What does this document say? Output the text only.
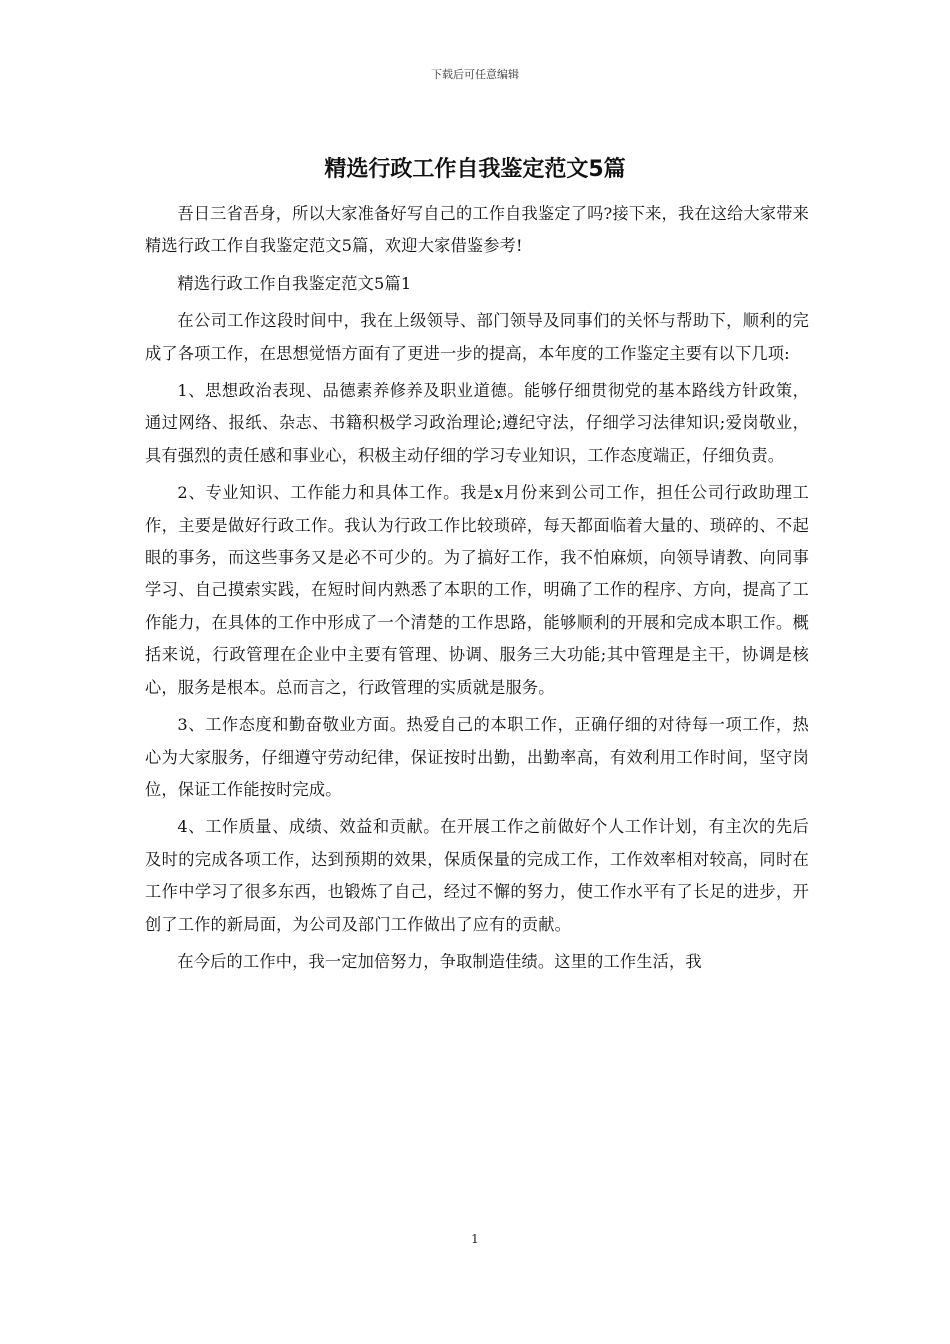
下载后可任意编辑
精选行政工作自我鉴定范文5篇

吾日三省吾身，所以大家准备好写自己的工作自我鉴定了吗?接下来，我在这给大家带来精选行政工作自我鉴定范文5篇，欢迎大家借鉴参考!

精选行政工作自我鉴定范文5篇1

在公司工作这段时间中，我在上级领导、部门领导及同事们的关怀与帮助下，顺利的完成了各项工作，在思想觉悟方面有了更进一步的提高，本年度的工作鉴定主要有以下几项:

1、思想政治表现、品德素养修养及职业道德。能够仔细贯彻党的基本路线方针政策，通过网络、报纸、杂志、书籍积极学习政治理论;遵纪守法，仔细学习法律知识;爱岗敬业，具有强烈的责任感和事业心，积极主动仔细的学习专业知识，工作态度端正，仔细负责。

2、专业知识、工作能力和具体工作。我是x月份来到公司工作，担任公司行政助理工作，主要是做好行政工作。我认为行政工作比较琐碎，每天都面临着大量的、琐碎的、不起眼的事务，而这些事务又是必不可少的。为了搞好工作，我不怕麻烦，向领导请教、向同事学习、自己摸索实践，在短时间内熟悉了本职的工作，明确了工作的程序、方向，提高了工作能力，在具体的工作中形成了一个清楚的工作思路，能够顺利的开展和完成本职工作。概括来说，行政管理在企业中主要有管理、协调、服务三大功能;其中管理是主干，协调是核心，服务是根本。总而言之，行政管理的实质就是服务。

3、工作态度和勤奋敬业方面。热爱自己的本职工作，正确仔细的对待每一项工作，热心为大家服务，仔细遵守劳动纪律，保证按时出勤，出勤率高，有效利用工作时间，坚守岗位，保证工作能按时完成。

4、工作质量、成绩、效益和贡献。在开展工作之前做好个人工作计划，有主次的先后及时的完成各项工作，达到预期的效果，保质保量的完成工作，工作效率相对较高，同时在工作中学习了很多东西，也锻炼了自己，经过不懈的努力，使工作水平有了长足的进步，开创了工作的新局面，为公司及部门工作做出了应有的贡献。

在今后的工作中，我一定加倍努力，争取制造佳绩。这里的工作生活，我

1
